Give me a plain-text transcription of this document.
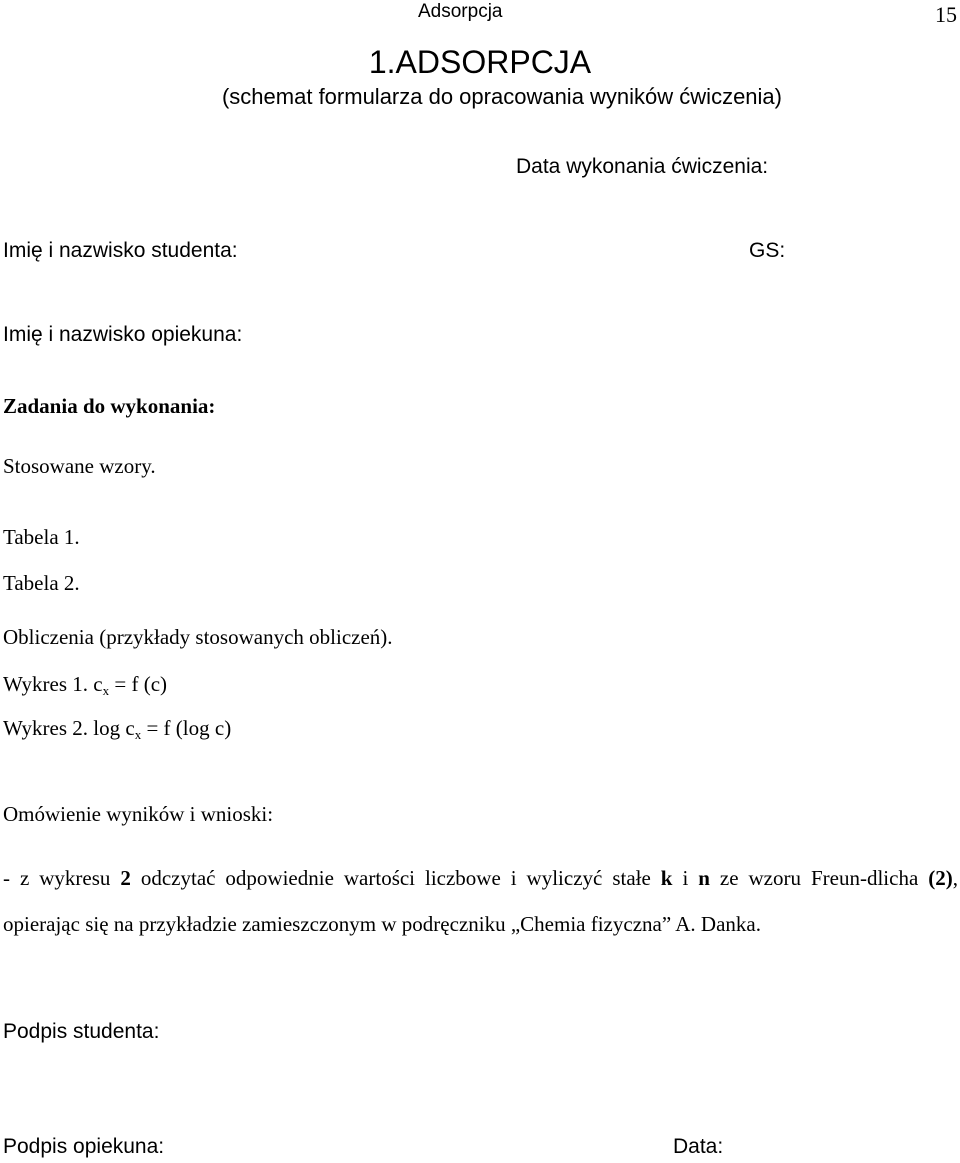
Adsorpcja	15
1.ADSORPCJA
(schemat formularza do opracowania wyników ćwiczenia)
Data wykonania ćwiczenia:
Imię i nazwisko studenta:	GS:
Imię i nazwisko opiekuna:
Zadania do wykonania:
Stosowane wzory.
Tabela 1.
Tabela 2.
Obliczenia (przykłady stosowanych obliczeń).
Wykres 1. $c_x = f$ (c)
Wykres 2. $\log c_x = f$ (log c)
Omówienie wyników i wnioski:

- z wykresu 2 odczytać odpowiednie wartości liczbowe i wyliczyć stałe k i n ze wzoru Freun-dlicha (2), opierając się na przykładzie zamieszczonym w podręczniku „Chemia fizyczna” A. Danka.

Podpis studenta:
Podpis opiekuna:	Data:
